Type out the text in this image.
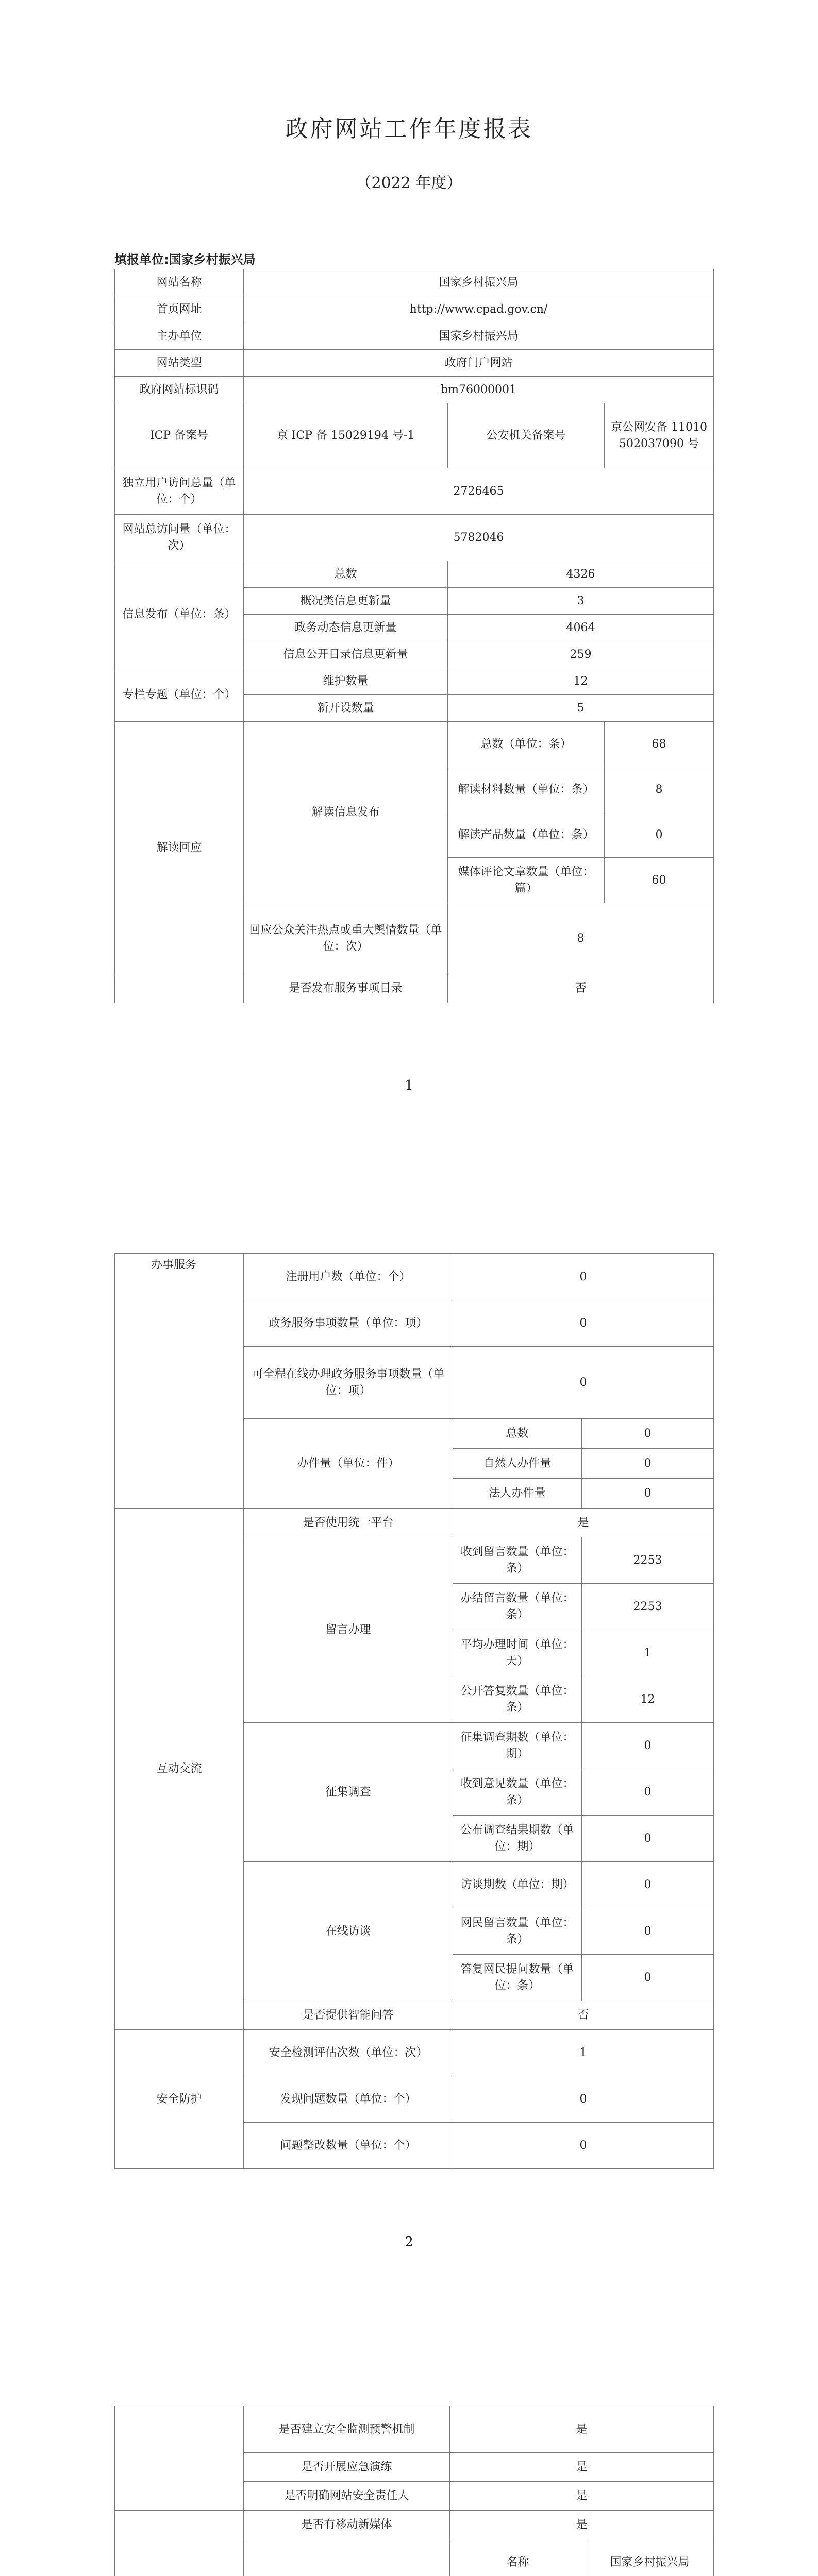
政府网站工作年度报表
（2022 年度）
填报单位:国家乡村振兴局
网站名称	国家乡村振兴局		
首页网址	http://www.cpad.gov.cn/		
主办单位	国家乡村振兴局		
网站类型	政府门户网站		
政府网站标识码	bm76000001		
ICP 备案号	京 ICP 备 15029194 号-1	公安机关备案号	京公网安备 11010502037090 号
独立用户访问总量（单位：个）	2726465		
网站总访问量（单位：次）	5782046		
信息发布（单位：条）	总数	4326	
	概况类信息更新量	3	
	政务动态信息更新量	4064	
	信息公开目录信息更新量	259	
专栏专题（单位：个）	维护数量	12	
	新开设数量	5	
解读回应	解读信息发布	总数（单位：条）	68
		解读材料数量（单位：条）	8
		解读产品数量（单位：条）	0
		媒体评论文章数量（单位：篇）	60
	回应公众关注热点或重大舆情数量（单位：次）	8	
	是否发布服务事项目录	否	
1
办事服务	注册用户数（单位：个）	0	
	政务服务事项数量（单位：项）	0	
	可全程在线办理政务服务事项数量（单位：项）	0	
	办件量（单位：件）	总数	0
		自然人办件量	0
		法人办件量	0
互动交流	是否使用统一平台	是	
	留言办理	收到留言数量（单位：条）	2253
		办结留言数量（单位：条）	2253
		平均办理时间（单位：天）	1
		公开答复数量（单位：条）	12
	征集调查	征集调查期数（单位：期）	0
		收到意见数量（单位：条）	0
		公布调查结果期数（单位：期）	0
	在线访谈	访谈期数（单位：期）	0
		网民留言数量（单位：条）	0
		答复网民提问数量（单位：条）	0
	是否提供智能问答	否	
安全防护	安全检测评估次数（单位：次）	1	
	发现问题数量（单位：个）	0	
	问题整改数量（单位：个）	0	
2
	是否建立安全监测预警机制	是	
	是否开展应急演练	是	
	是否明确网站安全责任人	是	
	是否有移动新媒体	是	
	名称	国家乡村振兴局
